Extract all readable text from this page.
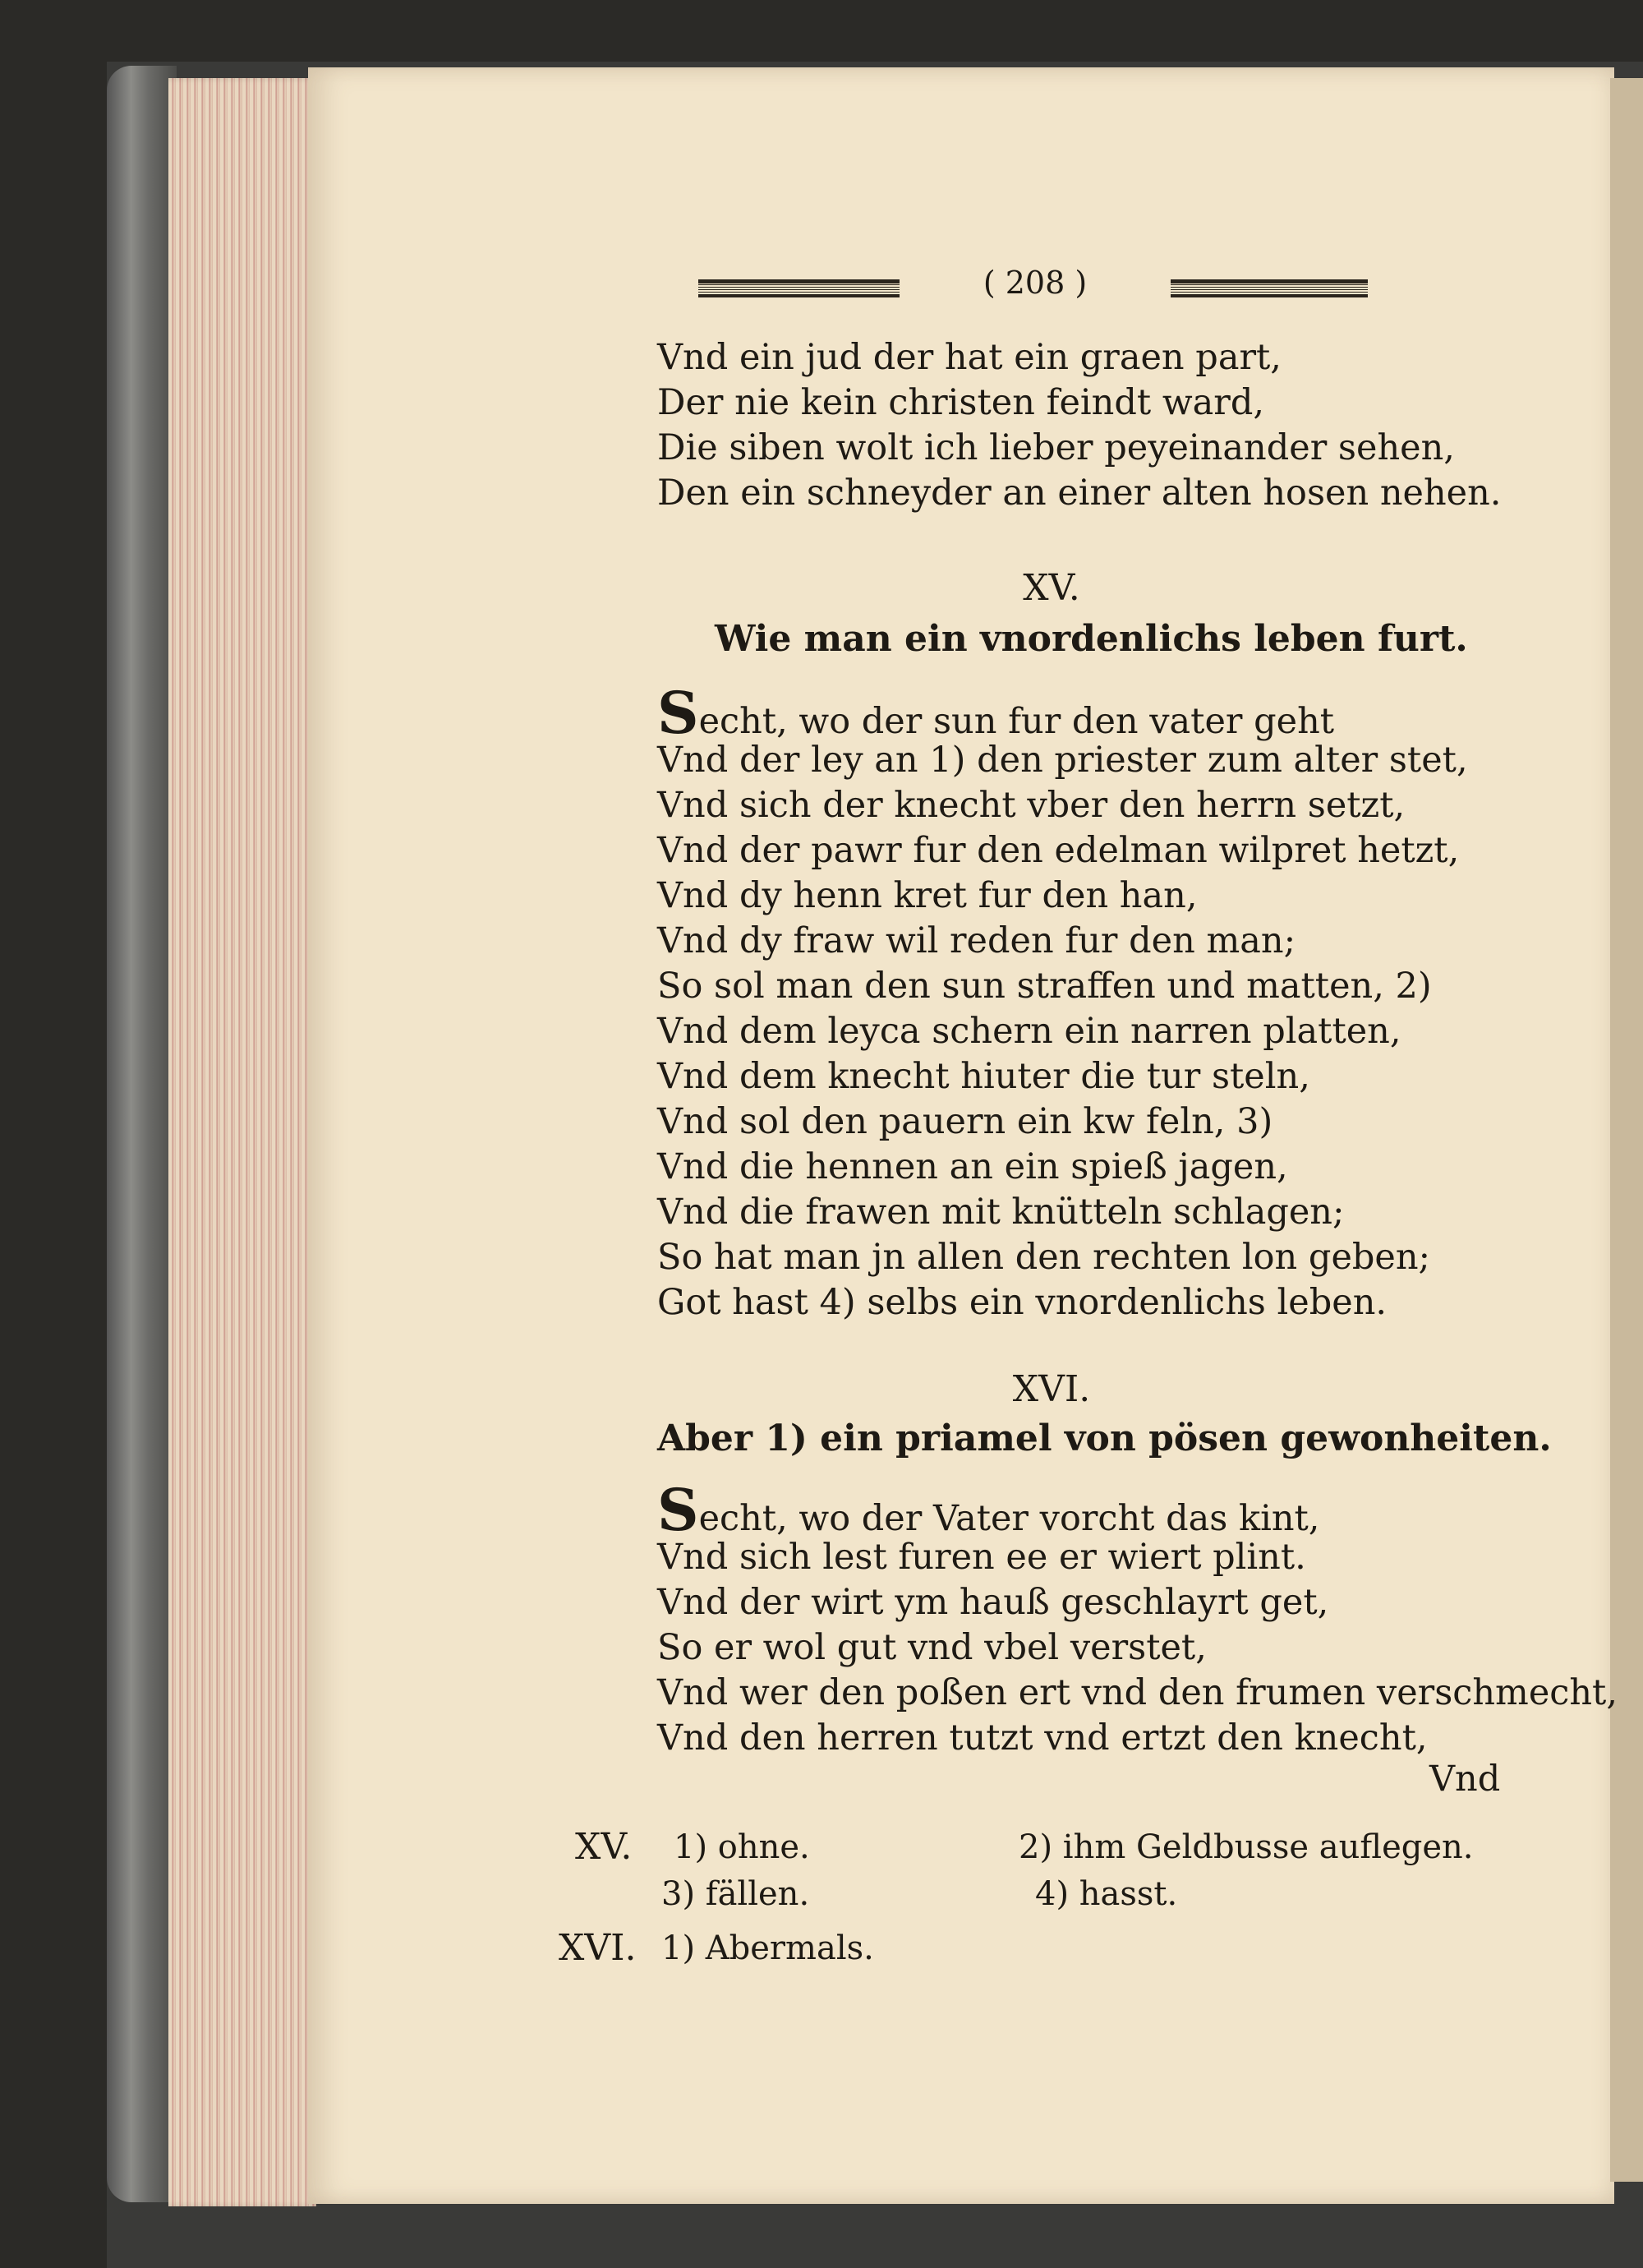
( 208 )
Vnd ein jud der hat ein graen part,
Der nie kein christen feindt ward,
Die siben wolt ich lieber peyeinander sehen,
Den ein schneyder an einer alten hosen nehen.
XV.
Wie man ein vnordenlichs leben furt.
Secht, wo der sun fur den vater geht
Vnd der ley an 1) den priester zum alter stet,
Vnd sich der knecht vber den herrn setzt,
Vnd der pawr fur den edelman wilpret hetzt,
Vnd dy henn kret fur den han,
Vnd dy fraw wil reden fur den man;
So sol man den sun straffen und matten, 2)
Vnd dem leyca schern ein narren platten,
Vnd dem knecht hiuter die tur steln,
Vnd sol den pauern ein kw feln, 3)
Vnd die hennen an ein spieß jagen,
Vnd die frawen mit knütteln schlagen;
So hat man jn allen den rechten lon geben;
Got hast 4) selbs ein vnordenlichs leben.
XVI.
Aber 1) ein priamel von pösen gewonheiten.
Secht, wo der Vater vorcht das kint,
Vnd sich lest furen ee er wiert plint.
Vnd der wirt ym hauß geschlayrt get,
So er wol gut vnd vbel verstet,
Vnd wer den poßen ert vnd den frumen verschmecht,
Vnd den herren tutzt vnd ertzt den knecht,
Vnd
XV. 1) ohne.	2) ihm Geldbusse auflegen.
3) fällen.	4) hasst.
XVI. 1) Abermals.
